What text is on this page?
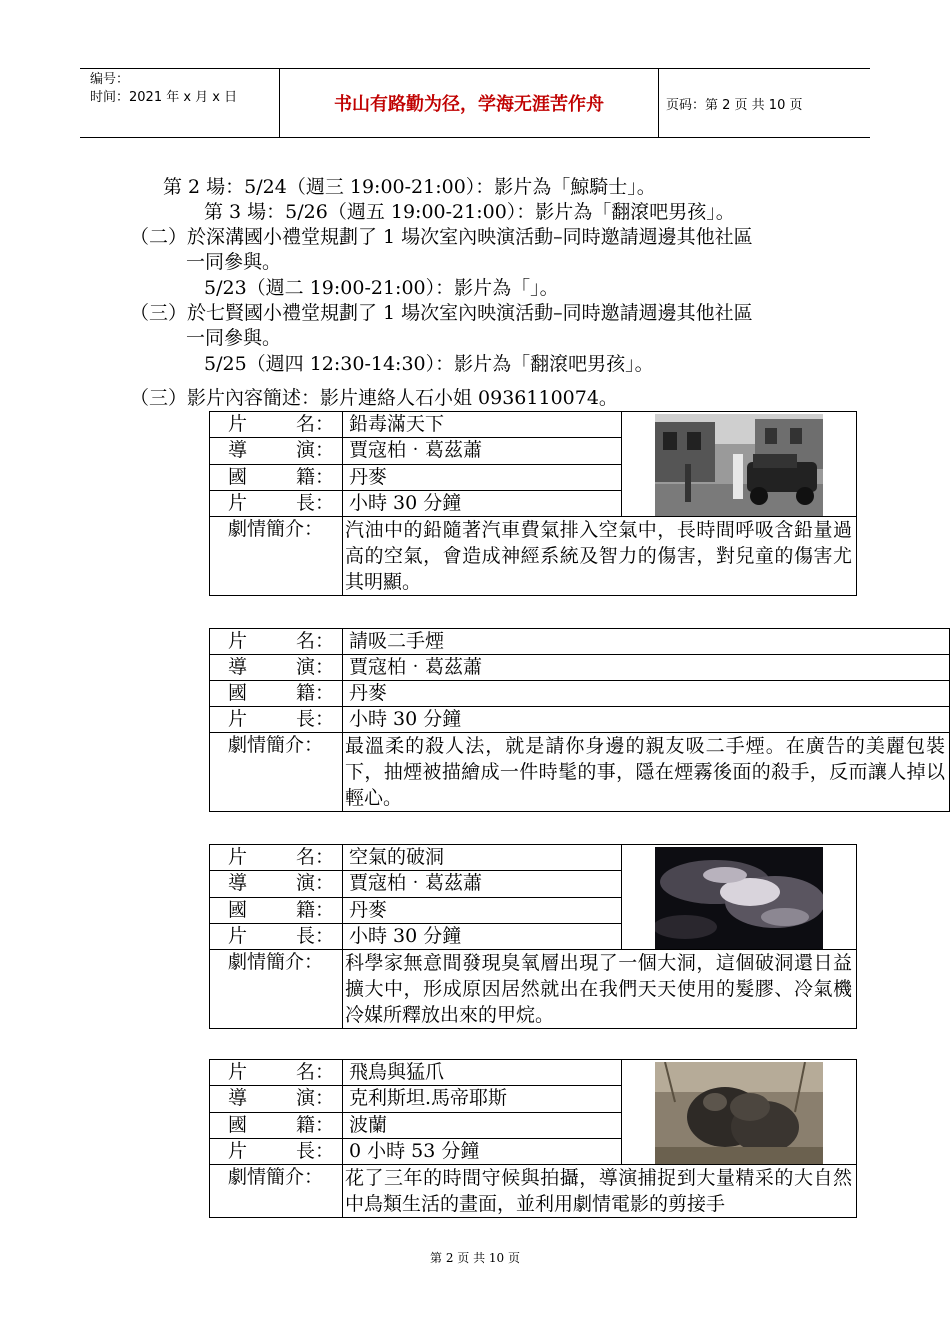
编号：
时间：2021 年 x 月 x 日	书山有路勤为径，学海无涯苦作舟	页码：第 2 页 共 10 页
第 2 場：5/24（週三 19:00-21:00）：影片為「鯨騎士」。
第 3 場：5/26（週五 19:00-21:00）：影片為「翻滾吧男孩」。
（二）於深溝國小禮堂規劃了 1 場次室內映演活動–同時邀請週邊其他社區
一同參與。
5/23（週二 19:00-21:00）：影片為「」。
（三）於七賢國小禮堂規劃了 1 場次室內映演活動–同時邀請週邊其他社區
一同參與。
5/25（週四 12:30-14:30）：影片為「翻滾吧男孩」。
（三）影片內容簡述：影片連絡人石小姐 0936110074。
片 名：	鉛毒滿天下	

導 演：	賈寇柏‧葛茲蕭	
國 籍：	丹麥	
片 長：	小時 30 分鐘	
劇情簡介：	汽油中的鉛隨著汽車費氣排入空氣中，長時間呼吸含鉛量過高的空氣，會造成神經系統及智力的傷害，對兒童的傷害尤其明顯。	
片 名：	請吸二手煙
導 演：	賈寇柏‧葛茲蕭
國 籍：	丹麥
片 長：	小時 30 分鐘
劇情簡介：	最溫柔的殺人法，就是請你身邊的親友吸二手煙。在廣告的美麗包裝下，抽煙被描繪成一件時髦的事，隱在煙霧後面的殺手，反而讓人掉以輕心。
片 名：	空氣的破洞	

導 演：	賈寇柏‧葛茲蕭	
國 籍：	丹麥	
片 長：	小時 30 分鐘	
劇情簡介：	科學家無意間發現臭氧層出現了一個大洞，這個破洞還日益擴大中，形成原因居然就出在我們天天使用的髮膠、冷氣機冷媒所釋放出來的甲烷。	
片 名：	飛鳥與猛爪	

導 演：	克利斯坦.馬帝耶斯	
國 籍：	波蘭	
片 長：	0 小時 53 分鐘	
劇情簡介：	花了三年的時間守候與拍攝，導演捕捉到大量精采的大自然中鳥類生活的畫面，並利用劇情電影的剪接手	
第 2 页 共 10 页
